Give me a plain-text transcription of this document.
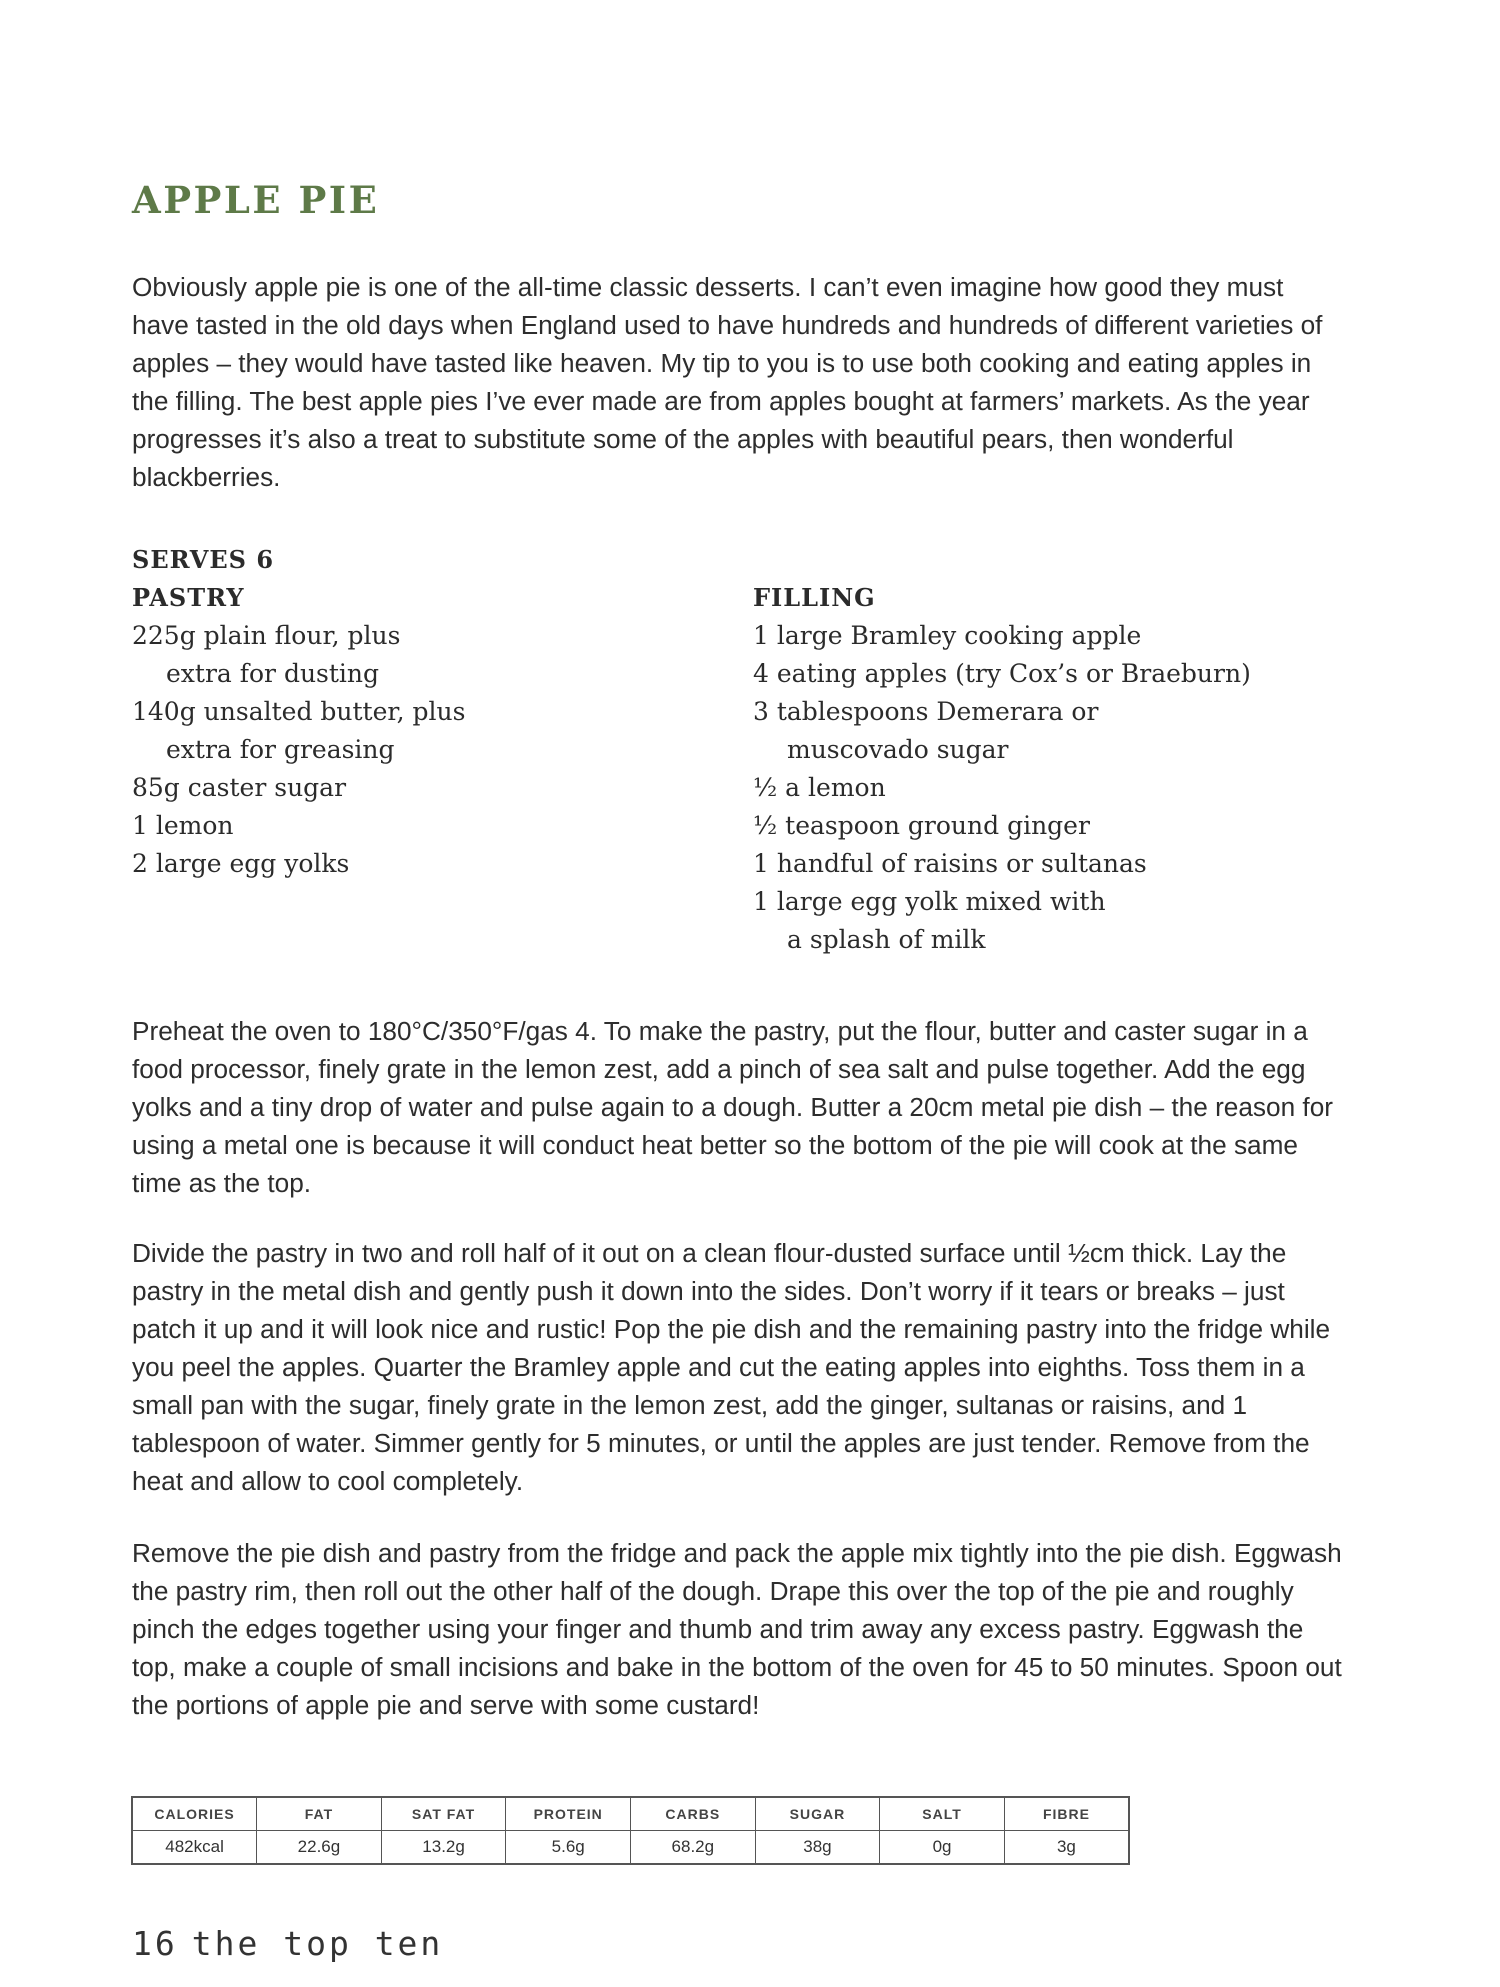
APPLE PIE

Obviously apple pie is one of the all-time classic desserts. I can’t even imagine how good they must have tasted in the old days when England used to have hundreds and hundreds of different varieties of apples – they would have tasted like heaven. My tip to you is to use both cooking and eating apples in the filling. The best apple pies I’ve ever made are from apples bought at farmers’ markets. As the year progresses it’s also a treat to substitute some of the apples with beautiful pears, then wonderful blackberries.

SERVES 6
PASTRY
225g plain flour, plus
extra for dusting
140g unsalted butter, plus
extra for greasing
85g caster sugar
1 lemon
2 large egg yolks
FILLING
1 large Bramley cooking apple
4 eating apples (try Cox’s or Braeburn)
3 tablespoons Demerara or
muscovado sugar
½ a lemon
½ teaspoon ground ginger
1 handful of raisins or sultanas
1 large egg yolk mixed with
a splash of milk

Preheat the oven to 180°C/350°F/gas 4. To make the pastry, put the flour, butter and caster sugar in a food processor, finely grate in the lemon zest, add a pinch of sea salt and pulse together. Add the egg yolks and a tiny drop of water and pulse again to a dough. Butter a 20cm metal pie dish – the reason for using a metal one is because it will conduct heat better so the bottom of the pie will cook at the same time as the top.

Divide the pastry in two and roll half of it out on a clean flour-dusted surface until ½cm thick. Lay the pastry in the metal dish and gently push it down into the sides. Don’t worry if it tears or breaks – just patch it up and it will look nice and rustic! Pop the pie dish and the remaining pastry into the fridge while you peel the apples. Quarter the Bramley apple and cut the eating apples into eighths. Toss them in a small pan with the sugar, finely grate in the lemon zest, add the ginger, sultanas or raisins, and 1 tablespoon of water. Simmer gently for 5 minutes, or until the apples are just tender. Remove from the heat and allow to cool completely.

Remove the pie dish and pastry from the fridge and pack the apple mix tightly into the pie dish. Eggwash the pastry rim, then roll out the other half of the dough. Drape this over the top of the pie and roughly pinch the edges together using your finger and thumb and trim away any excess pastry. Eggwash the top, make a couple of small incisions and bake in the bottom of the oven for 45 to 50 minutes. Spoon out the portions of apple pie and serve with some custard!

CALORIES	FAT	SAT FAT	PROTEIN	CARBS	SUGAR	SALT	FIBRE
482kcal	22.6g	13.2g	5.6g	68.2g	38g	0g	3g
16 the top ten
